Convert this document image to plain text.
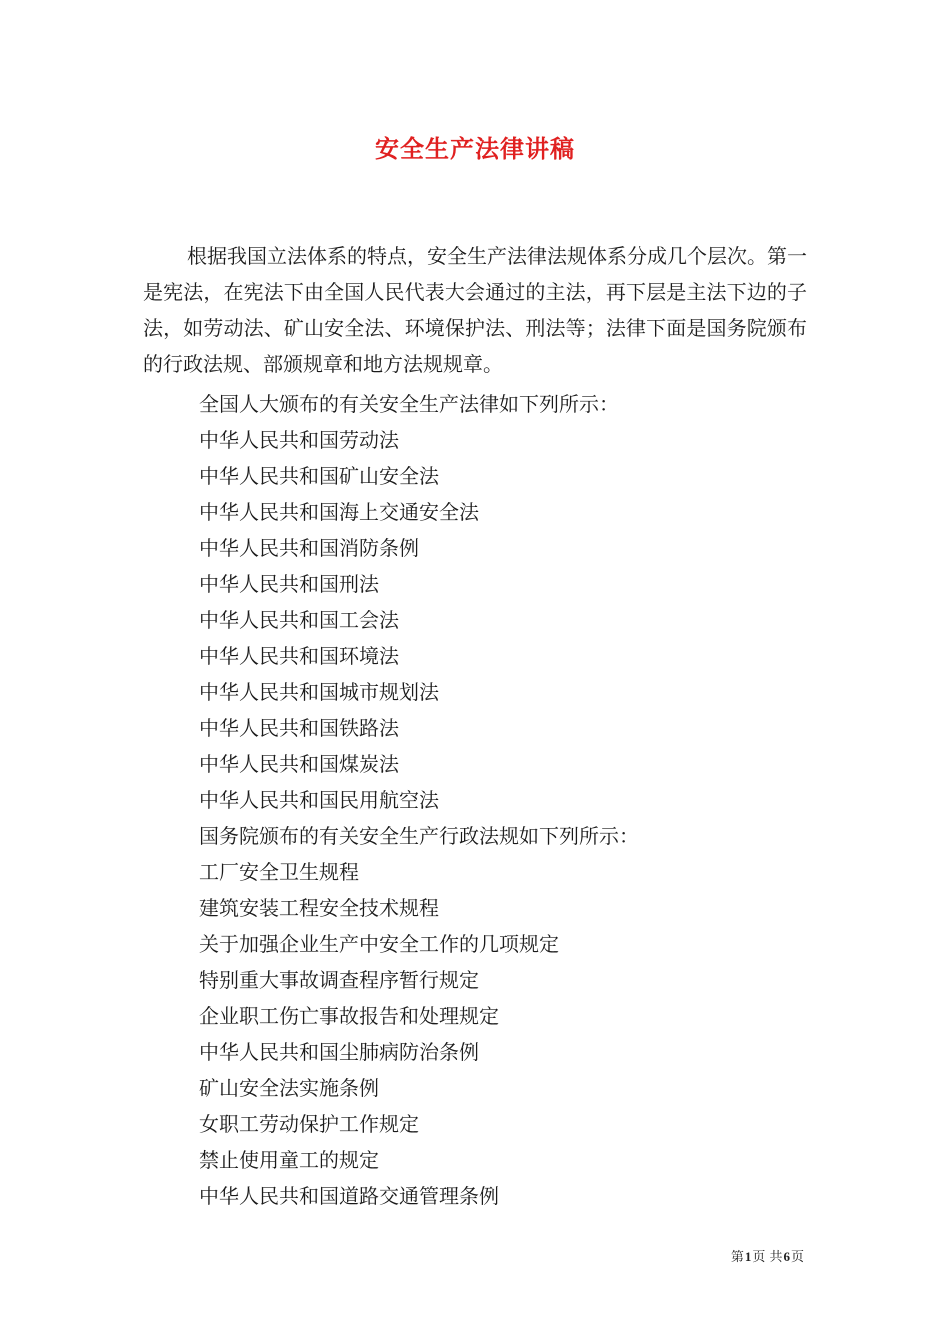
安全生产法律讲稿

根据我国立法体系的特点，安全生产法律法规体系分成几个层次。第一是宪法，在宪法下由全国人民代表大会通过的主法，再下层是主法下边的子法，如劳动法、矿山安全法、环境保护法、刑法等；法律下面是国务院颁布的行政法规、部颁规章和地方法规规章。

全国人大颁布的有关安全生产法律如下列所示：
中华人民共和国劳动法
中华人民共和国矿山安全法
中华人民共和国海上交通安全法
中华人民共和国消防条例
中华人民共和国刑法
中华人民共和国工会法
中华人民共和国环境法
中华人民共和国城市规划法
中华人民共和国铁路法
中华人民共和国煤炭法
中华人民共和国民用航空法
国务院颁布的有关安全生产行政法规如下列所示：
工厂安全卫生规程
建筑安装工程安全技术规程
关于加强企业生产中安全工作的几项规定
特别重大事故调查程序暂行规定
企业职工伤亡事故报告和处理规定
中华人民共和国尘肺病防治条例
矿山安全法实施条例
女职工劳动保护工作规定
禁止使用童工的规定
中华人民共和国道路交通管理条例
第1页 共6页
